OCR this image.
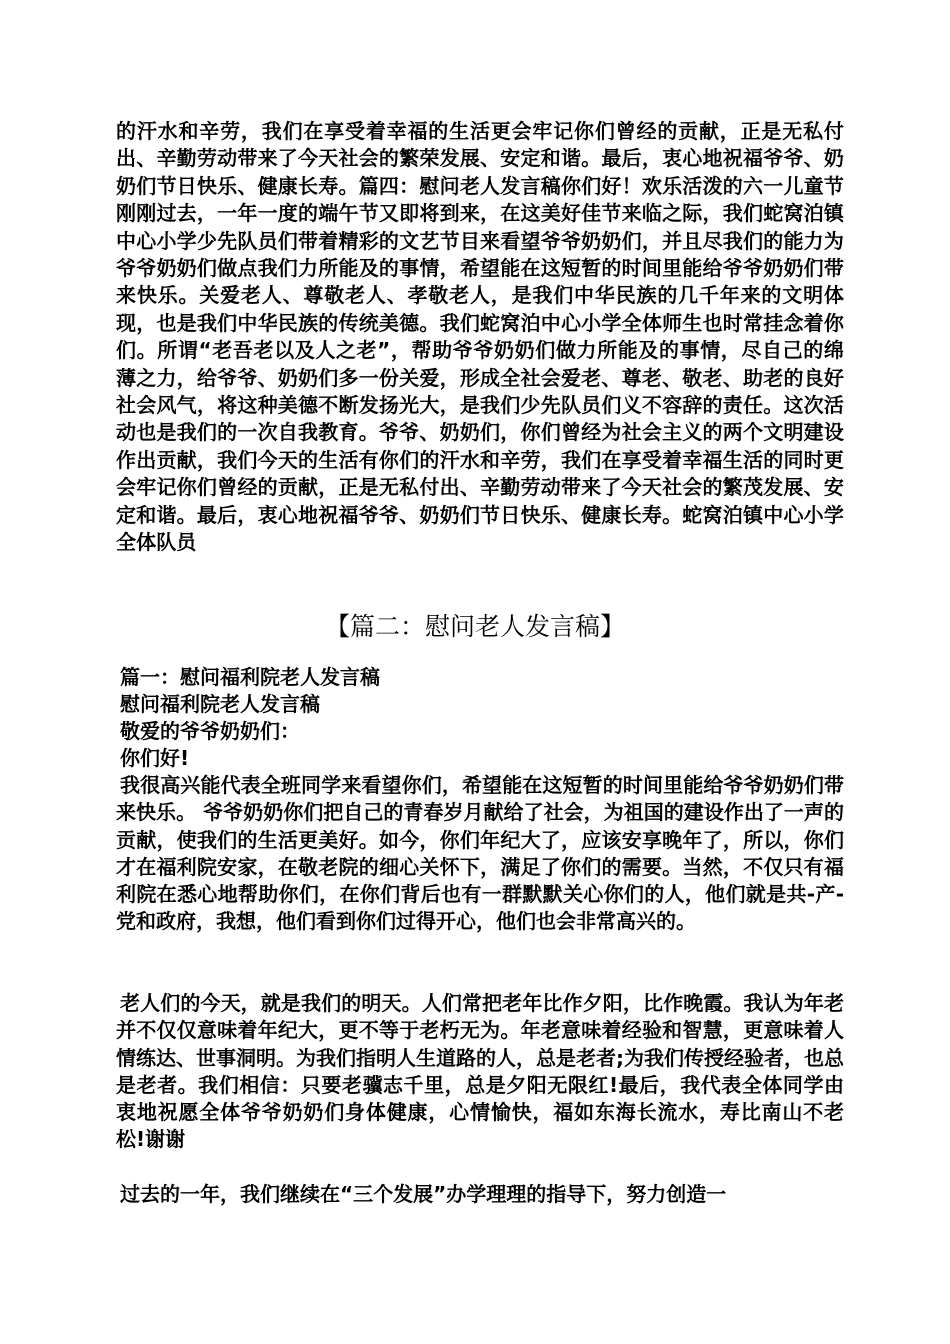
的汗水和辛劳，我们在享受着幸福的生活更会牢记你们曾经的贡献，正是无私付出、辛勤劳动带来了今天社会的繁荣发展、安定和谐。最后，衷心地祝福爷爷、奶奶们节日快乐、健康长寿。篇四：慰问老人发言稿你们好！欢乐活泼的六一儿童节刚刚过去，一年一度的端午节又即将到来，在这美好佳节来临之际，我们蛇窝泊镇中心小学少先队员们带着精彩的文艺节目来看望爷爷奶奶们，并且尽我们的能力为爷爷奶奶们做点我们力所能及的事情，希望能在这短暂的时间里能给爷爷奶奶们带来快乐。关爱老人、尊敬老人、孝敬老人，是我们中华民族的几千年来的文明体现，也是我们中华民族的传统美德。我们蛇窝泊中心小学全体师生也时常挂念着你们。所谓“老吾老以及人之老”，帮助爷爷奶奶们做力所能及的事情，尽自己的绵薄之力，给爷爷、奶奶们多一份关爱，形成全社会爱老、尊老、敬老、助老的良好社会风气，将这种美德不断发扬光大，是我们少先队员们义不容辞的责任。这次活动也是我们的一次自我教育。爷爷、奶奶们，你们曾经为社会主义的两个文明建设作出贡献，我们今天的生活有你们的汗水和辛劳，我们在享受着幸福生活的同时更会牢记你们曾经的贡献，正是无私付出、辛勤劳动带来了今天社会的繁茂发展、安定和谐。最后，衷心地祝福爷爷、奶奶们节日快乐、健康长寿。蛇窝泊镇中心小学全体队员

【篇二：慰问老人发言稿】

篇一：慰问福利院老人发言稿

慰问福利院老人发言稿

敬爱的爷爷奶奶们：

你们好!

我很高兴能代表全班同学来看望你们，希望能在这短暂的时间里能给爷爷奶奶们带来快乐。 爷爷奶奶你们把自己的青春岁月献给了社会，为祖国的建设作出了一声的贡献，使我们的生活更美好。如今，你们年纪大了，应该安享晚年了，所以，你们才在福利院安家，在敬老院的细心关怀下，满足了你们的需要。当然，不仅只有福利院在悉心地帮助你们，在你们背后也有一群默默关心你们的人，他们就是共-产-党和政府，我想，他们看到你们过得开心，他们也会非常高兴的。

老人们的今天，就是我们的明天。人们常把老年比作夕阳，比作晚霞。我认为年老并不仅仅意味着年纪大，更不等于老朽无为。年老意味着经验和智慧，更意味着人情练达、世事洞明。为我们指明人生道路的人，总是老者;为我们传授经验者，也总是老者。我们相信：只要老骥志千里，总是夕阳无限红!最后，我代表全体同学由衷地祝愿全体爷爷奶奶们身体健康，心情愉快，福如东海长流水，寿比南山不老松!谢谢

过去的一年，我们继续在“三个发展”办学理理的指导下，努力创造一
